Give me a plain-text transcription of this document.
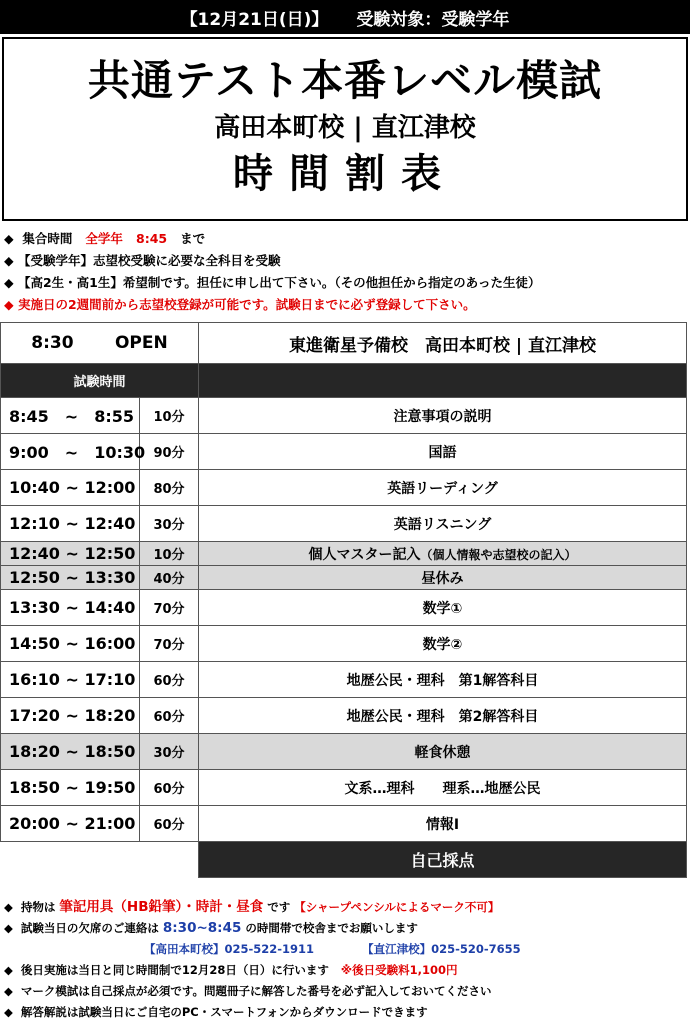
【12月21日(日)】 受験対象：受験学年
共通テスト本番レベル模試
高田本町校 | 直江津校
時間割表
◆ 集合時間 全学年 8:45 まで
◆ 【受験学年】志望校受験に必要な全科目を受験
◆ 【高2生・高1生】希望制です。担任に申し出て下さい。（その他担任から指定のあった生徒）
◆ 実施日の2週間前から志望校登録が可能です。試験日までに必ず登録して下さい。
8:30 OPEN		東進衛星予備校　高田本町校 | 直江津校
試験時間		
8:45　~　8:55	10分	注意事項の説明
9:00　~　10:30	90分	国語
10:40 ~ 12:00	80分	英語リーディング
12:10 ~ 12:40	30分	英語リスニング
12:40 ~ 12:50	10分	個人マスター記入（個人情報や志望校の記入）
12:50 ~ 13:30	40分	昼休み
13:30 ~ 14:40	70分	数学①
14:50 ~ 16:00	70分	数学②
16:10 ~ 17:10	60分	地歴公民・理科　第1解答科目
17:20 ~ 18:20	60分	地歴公民・理科　第2解答科目
18:20 ~ 18:50	30分	軽食休憩
18:50 ~ 19:50	60分	文系…理科　　理系…地歴公民
20:00 ~ 21:00	60分	情報Ⅰ
		自己採点
◆ 持物は 筆記用具（HB鉛筆）・時計・昼食 です 【シャープペンシルによるマーク不可】
◆ 試験当日の欠席のご連絡は 8:30~8:45 の時間帯で校舎までお願いします
【高田本町校】025-522-1911	【直江津校】025-520-7655
◆ 後日実施は当日と同じ時間制で12月28日（日）に行います ※後日受験料1,100円
◆ マーク模試は自己採点が必須です。問題冊子に解答した番号を必ず記入しておいてください
◆ 解答解説は試験当日にご自宅のPC・スマートフォンからダウンロードできます
